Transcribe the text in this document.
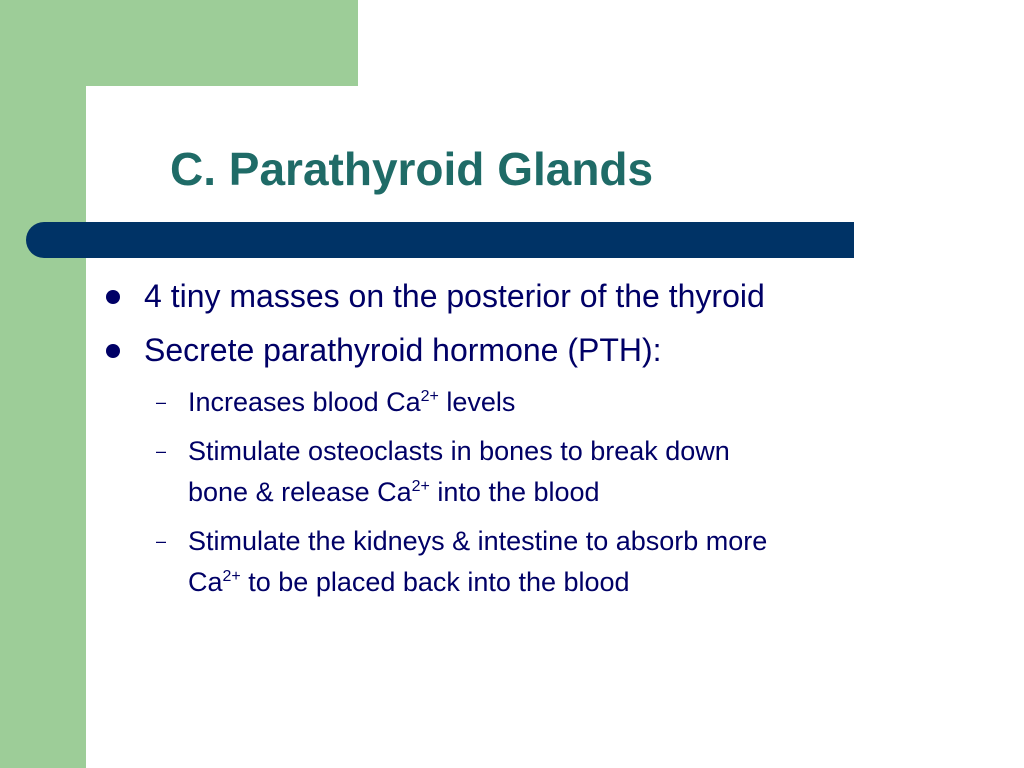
C. Parathyroid Glands
4 tiny masses on the posterior of the thyroid
Secrete parathyroid hormone (PTH):
– Increases blood $Ca^{2+}$ levels
– Stimulate osteoclasts in bones to break down
bone & release $Ca^{2+}$ into the blood
– Stimulate the kidneys & intestine to absorb more
$Ca^{2+}$ to be placed back into the blood
